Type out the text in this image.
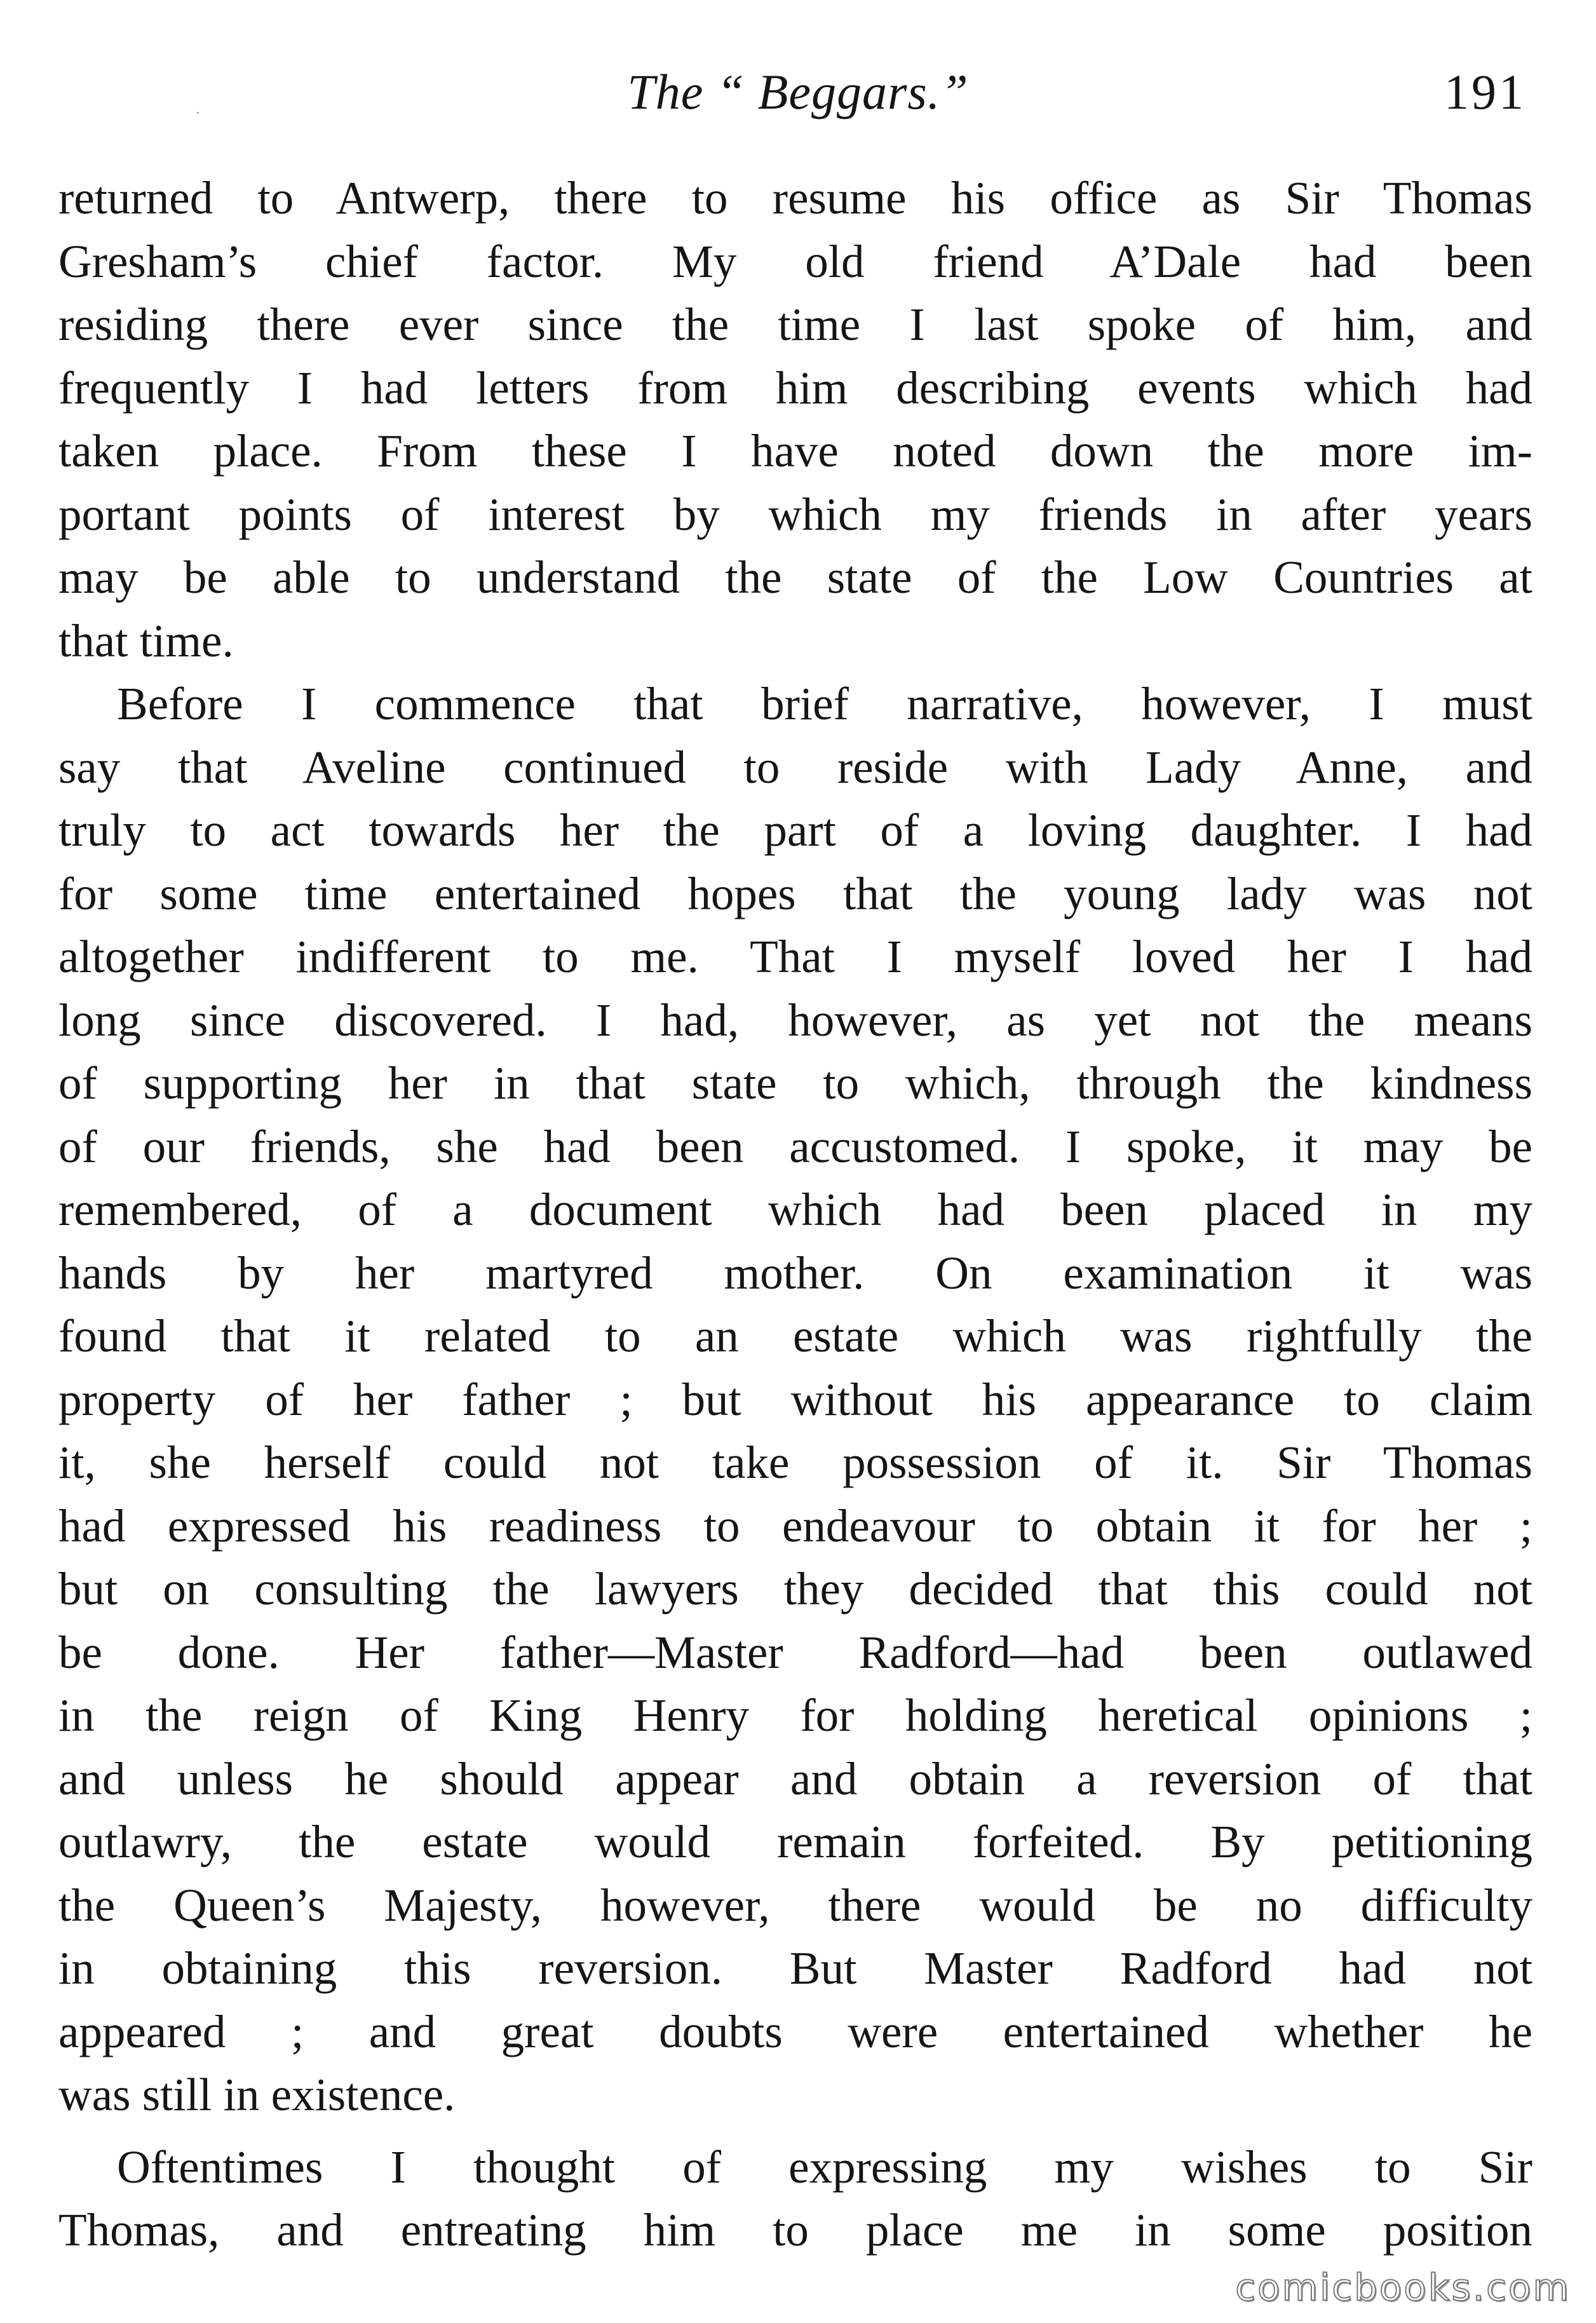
The “ Beggars.”	191
returned to Antwerp, there to resume his office as Sir Thomas
Gresham’s chief factor. My old friend A’Dale had been
residing there ever since the time I last spoke of him, and
frequently I had letters from him describing events which had
taken place. From these I have noted down the more im-
portant points of interest by which my friends in after years
may be able to understand the state of the Low Countries at
that time.
Before I commence that brief narrative, however, I must
say that Aveline continued to reside with Lady Anne, and
truly to act towards her the part of a loving daughter. I had
for some time entertained hopes that the young lady was not
altogether indifferent to me. That I myself loved her I had
long since discovered. I had, however, as yet not the means
of supporting her in that state to which, through the kindness
of our friends, she had been accustomed. I spoke, it may be
remembered, of a document which had been placed in my
hands by her martyred mother. On examination it was
found that it related to an estate which was rightfully the
property of her father ; but without his appearance to claim
it, she herself could not take possession of it. Sir Thomas
had expressed his readiness to endeavour to obtain it for her ;
but on consulting the lawyers they decided that this could not
be done. Her father—Master Radford—had been outlawed
in the reign of King Henry for holding heretical opinions ;
and unless he should appear and obtain a reversion of that
outlawry, the estate would remain forfeited. By petitioning
the Queen’s Majesty, however, there would be no difficulty
in obtaining this reversion. But Master Radford had not
appeared ; and great doubts were entertained whether he
was still in existence.
Oftentimes I thought of expressing my wishes to Sir
Thomas, and entreating him to place me in some position
comicbooks.com
